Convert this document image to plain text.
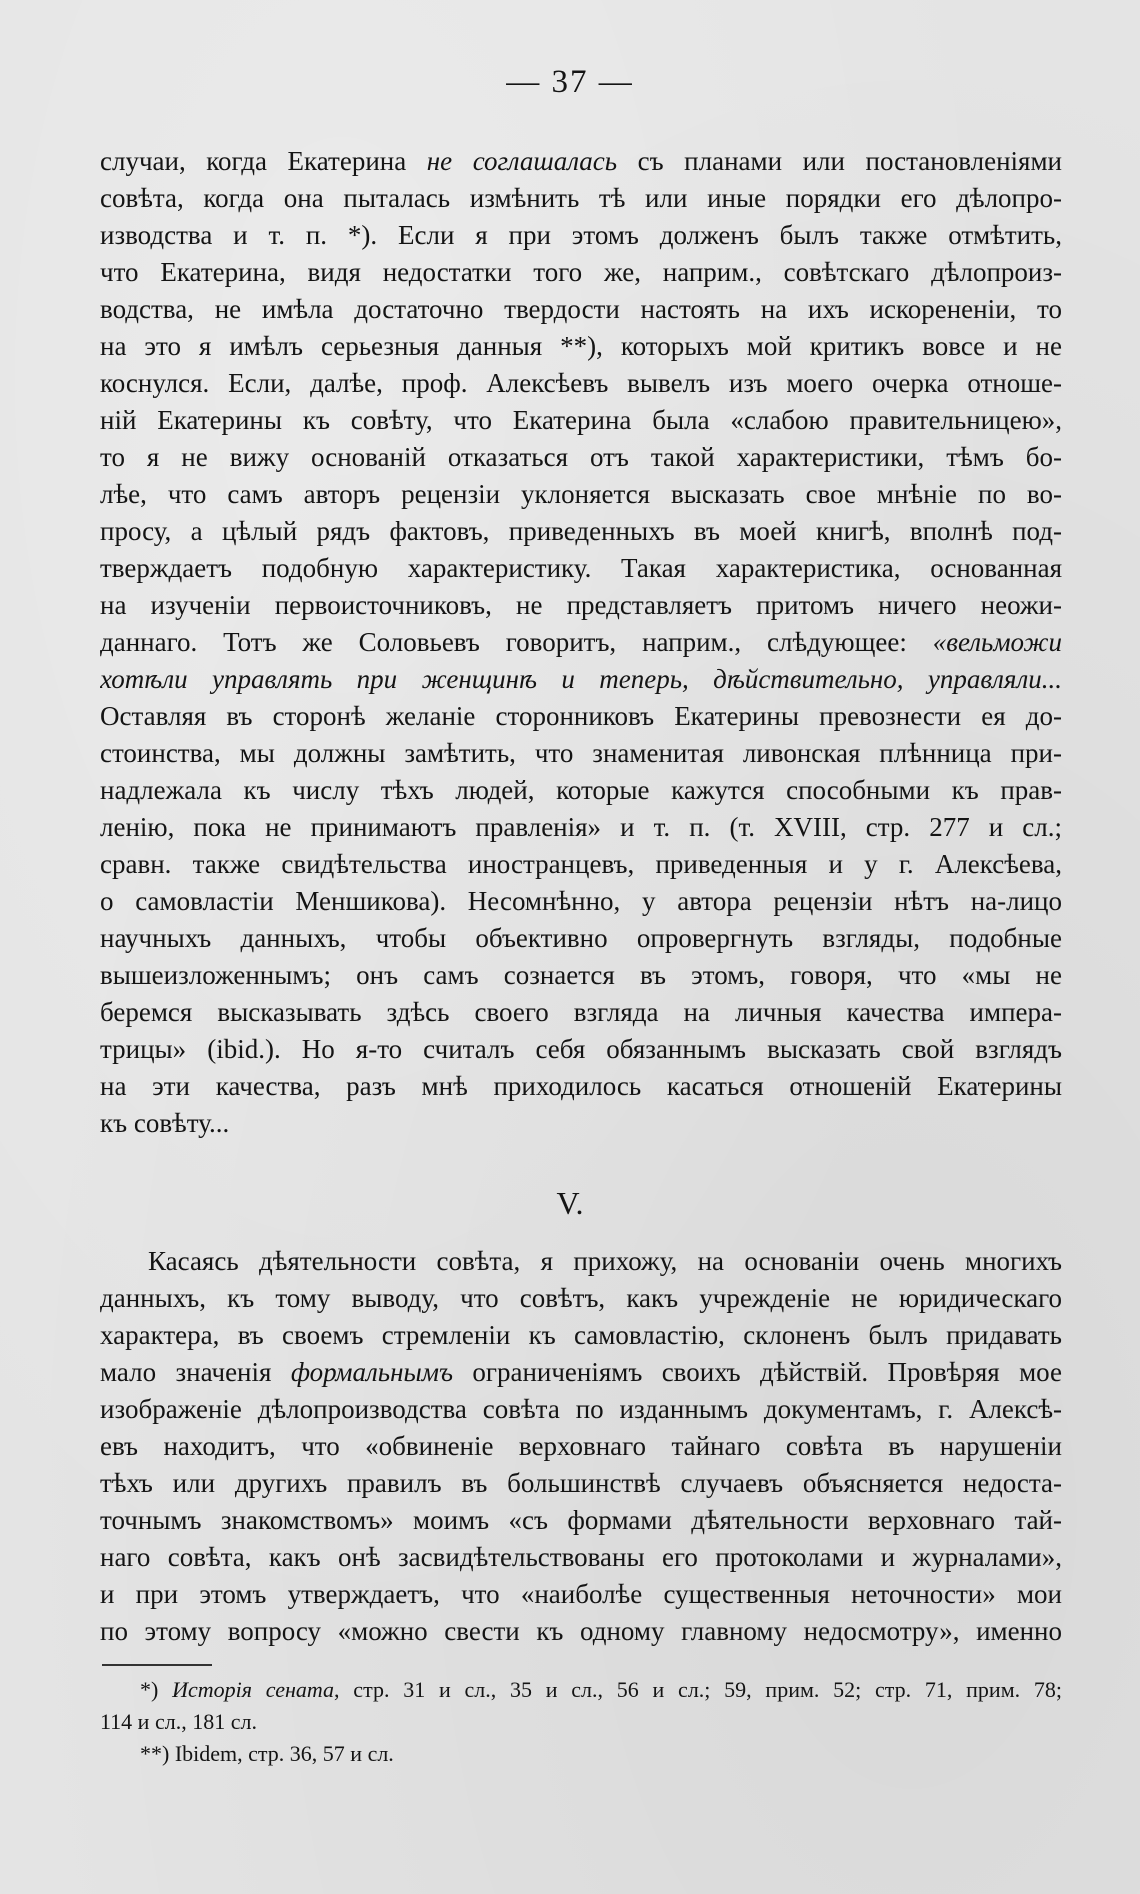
— 37 —
случаи, когда Екатерина не соглашалась съ планами или постановленіями
совѣта, когда она пыталась измѣнить тѣ или иные порядки его дѣлопро-
изводства и т. п. *). Если я при этомъ долженъ былъ также отмѣтить,
что Екатерина, видя недостатки того же, наприм., совѣтскаго дѣлопроиз-
водства, не имѣла достаточно твердости настоять на ихъ искорененіи, то
на это я имѣлъ серьезныя данныя **), которыхъ мой критикъ вовсе и не
коснулся. Если, далѣе, проф. Алексѣевъ вывелъ изъ моего очерка отноше-
ній Екатерины къ совѣту, что Екатерина была «слабою правительницею»,
то я не вижу основаній отказаться отъ такой характеристики, тѣмъ бо-
лѣе, что самъ авторъ рецензіи уклоняется высказать свое мнѣніе по во-
просу, а цѣлый рядъ фактовъ, приведенныхъ въ моей книгѣ, вполнѣ под-
тверждаетъ подобную характеристику. Такая характеристика, основанная
на изученіи первоисточниковъ, не представляетъ притомъ ничего неожи-
даннаго. Тотъ же Соловьевъ говоритъ, наприм., слѣдующее: «вельможи
хотѣли управлять при женщинѣ и теперь, дѣйствительно, управляли...
Оставляя въ сторонѣ желаніе сторонниковъ Екатерины превознести ея до-
стоинства, мы должны замѣтить, что знаменитая ливонская плѣнница при-
надлежала къ числу тѣхъ людей, которые кажутся способными къ прав-
ленію, пока не принимаютъ правленія» и т. п. (т. XVIII, стр. 277 и сл.;
сравн. также свидѣтельства иностранцевъ, приведенныя и у г. Алексѣева,
о самовластіи Меншикова). Несомнѣнно, у автора рецензіи нѣтъ на-лицо
научныхъ данныхъ, чтобы объективно опровергнуть взгляды, подобные
вышеизложеннымъ; онъ самъ сознается въ этомъ, говоря, что «мы не
беремся высказывать здѣсь своего взгляда на личныя качества импера-
трицы» (ibid.). Но я-то считалъ себя обязаннымъ высказать свой взглядъ
на эти качества, разъ мнѣ приходилось касаться отношеній Екатерины
къ совѣту...
V.
Касаясь дѣятельности совѣта, я прихожу, на основаніи очень многихъ
данныхъ, къ тому выводу, что совѣтъ, какъ учрежденіе не юридическаго
характера, въ своемъ стремленіи къ самовластію, склоненъ былъ придавать
мало значенія формальнымъ ограниченіямъ своихъ дѣйствій. Провѣряя мое
изображеніе дѣлопроизводства совѣта по изданнымъ документамъ, г. Алексѣ-
евъ находитъ, что «обвиненіе верховнаго тайнаго совѣта въ нарушеніи
тѣхъ или другихъ правилъ въ большинствѣ случаевъ объясняется недоста-
точнымъ знакомствомъ» моимъ «съ формами дѣятельности верховнаго тай-
наго совѣта, какъ онѣ засвидѣтельствованы его протоколами и журналами»,
и при этомъ утверждаетъ, что «наиболѣе существенныя неточности» мои
по этому вопросу «можно свести къ одному главному недосмотру», именно
*) Исторія сената, стр. 31 и сл., 35 и сл., 56 и сл.; 59, прим. 52; стр. 71, прим. 78;
114 и сл., 181 сл.
**) Ibidem, стр. 36, 57 и сл.
